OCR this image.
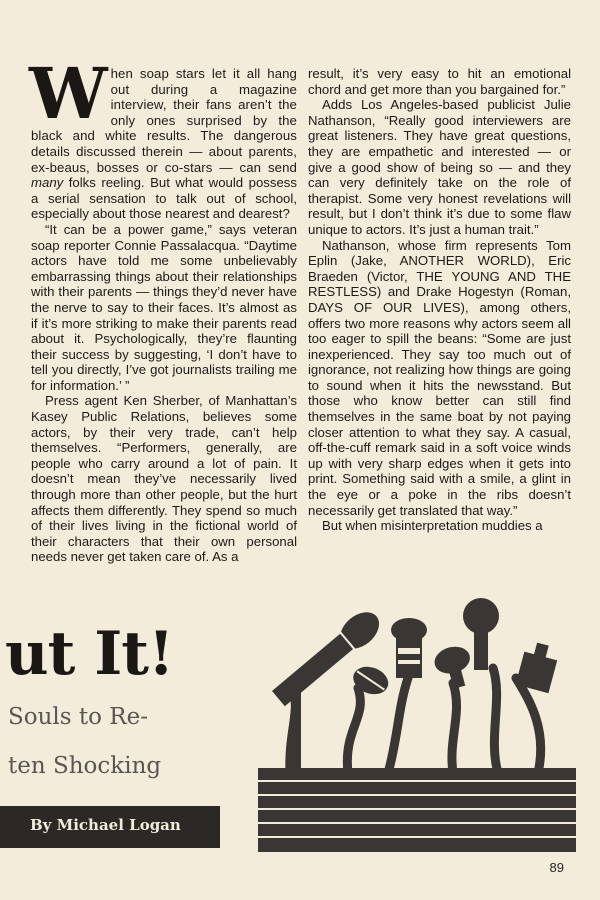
When soap stars let it all hang out during a magazine interview, their fans aren’t the only ones surprised by the black and white results. The dangerous details discussed therein — about parents, ex-beaus, bosses or co-stars — can send many folks reeling. But what would possess a serial sensation to talk out of school, especially about those nearest and dearest?

“It can be a power game,” says veteran soap reporter Connie Passalacqua. “Daytime actors have told me some unbelievably embarrassing things about their relationships with their parents — things they’d never have the nerve to say to their faces. It’s almost as if it’s more striking to make their parents read about it. Psychologically, they’re flaunting their success by suggesting, ‘I don’t have to tell you directly, I’ve got journalists trailing me for information.’ ”

Press agent Ken Sherber, of Manhattan’s Kasey Public Relations, believes some actors, by their very trade, can’t help themselves. “Performers, generally, are people who carry around a lot of pain. It doesn’t mean they’ve necessarily lived through more than other people, but the hurt affects them differently. They spend so much of their lives living in the fictional world of their characters that their own personal needs never get taken care of. As a

result, it’s very easy to hit an emotional chord and get more than you bargained for.”

Adds Los Angeles-based publicist Julie Nathanson, “Really good interviewers are great listeners. They have great questions, they are empathetic and interested — or give a good show of being so — and they can very definitely take on the role of therapist. Some very honest revelations will result, but I don’t think it’s due to some flaw unique to actors. It’s just a human trait.”

Nathanson, whose firm represents Tom Eplin (Jake, ANOTHER WORLD), Eric Braeden (Victor, THE YOUNG AND THE RESTLESS) and Drake Hogestyn (Roman, DAYS OF OUR LIVES), among others, offers two more reasons why actors seem all too eager to spill the beans: “Some are just inexperienced. They say too much out of ignorance, not realizing how things are going to sound when it hits the newsstand. But those who know better can still find themselves in the same boat by not paying closer attention to what they say. A casual, off-the-cuff remark said in a soft voice winds up with very sharp edges when it gets into print. Something said with a smile, a glint in the eye or a poke in the ribs doesn’t necessarily get translated that way.”

But when misinterpretation muddies a

ut It!
Souls to Re-
ten Shocking
By Michael Logan
89
